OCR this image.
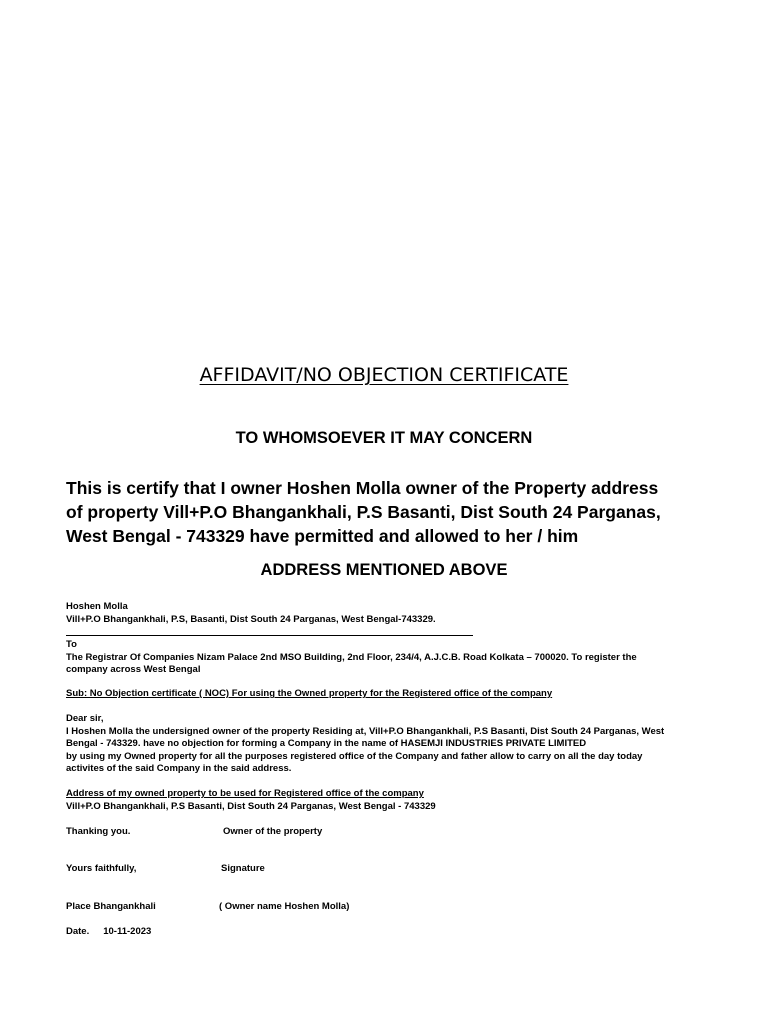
AFFIDAVIT/NO OBJECTION CERTIFICATE
TO WHOMSOEVER IT MAY CONCERN
This is certify that I owner Hoshen Molla owner of the Property address
of property Vill+P.O Bhangankhali, P.S Basanti, Dist South 24 Parganas,
West Bengal - 743329 have permitted and allowed to her / him
ADDRESS MENTIONED ABOVE
Hoshen Molla
Vill+P.O Bhangankhali, P.S, Basanti, Dist South 24 Parganas, West Bengal-743329.
To
The Registrar Of Companies Nizam Palace 2nd MSO Building, 2nd Floor, 234/4, A.J.C.B. Road Kolkata – 700020. To register the
company across West Bengal
Sub: No Objection certificate ( NOC) For using the Owned property for the Registered office of the company
Dear sir,
I Hoshen Molla the undersigned owner of the property Residing at, Vill+P.O Bhangankhali, P.S Basanti, Dist South 24 Parganas, West
Bengal - 743329. have no objection for forming a Company in the name of HASEMJI INDUSTRIES PRIVATE LIMITED
by using my Owned property for all the purposes registered office of the Company and father allow to carry on all the day today
activites of the said Company in the said address.
Address of my owned property to be used for Registered office of the company
Vill+P.O Bhangankhali, P.S Basanti, Dist South 24 Parganas, West Bengal - 743329
Thanking you.	Owner of the property
Yours faithfully,	Signature
Place Bhangankhali	( Owner name Hoshen Molla)
Date. 10-11-2023
